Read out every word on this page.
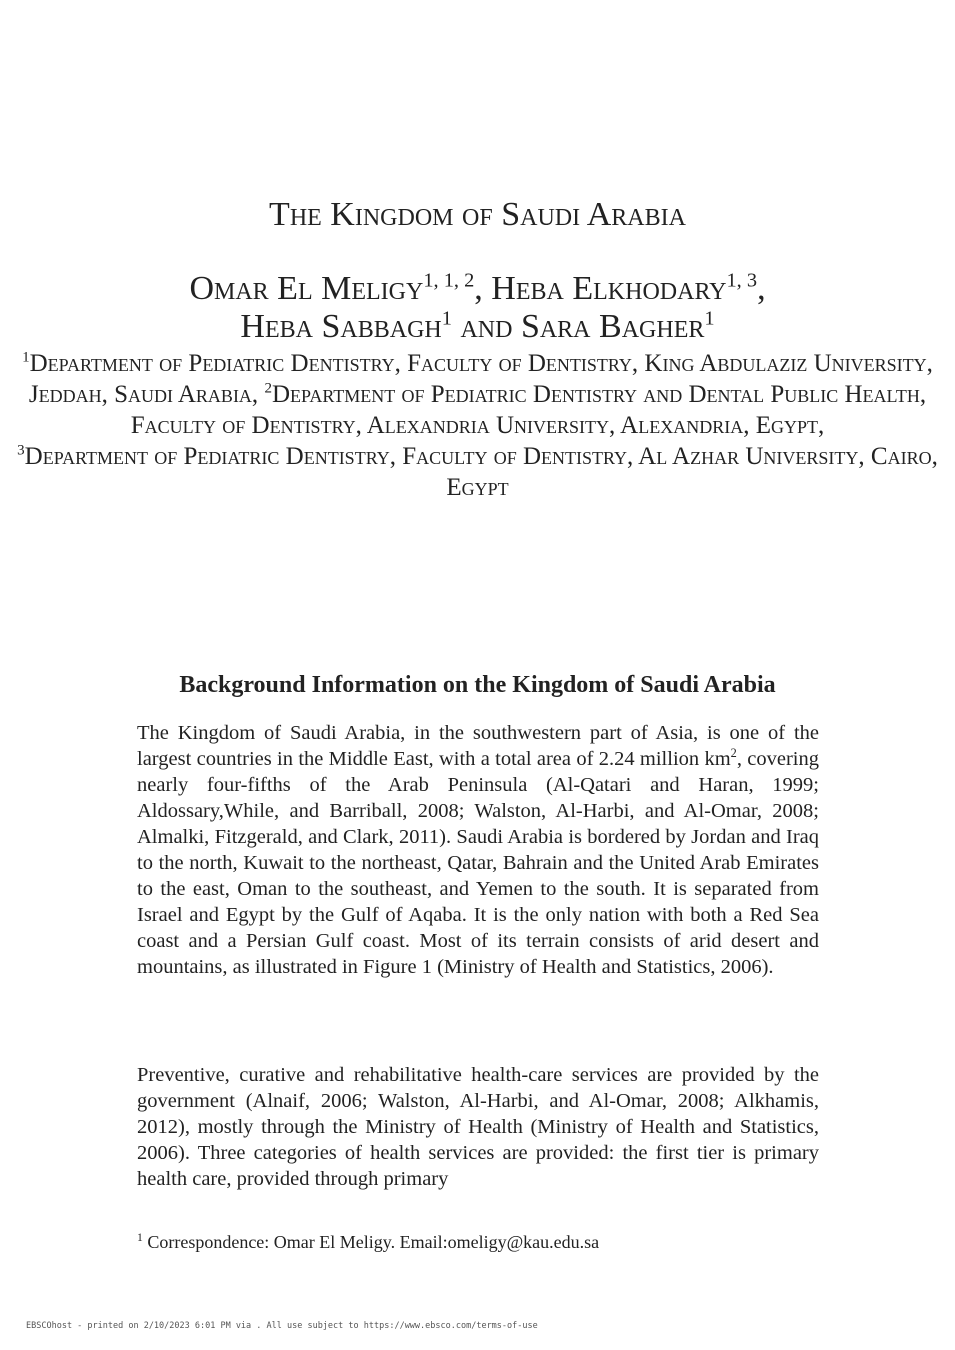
The Kingdom of Saudi Arabia
Omar El Meligy$^{1, 1, 2}$, Heba Elkhodary$^{1, 3}$,
Heba Sabbagh$^1$ and Sara Bagher$^1$
$^1$Department of Pediatric Dentistry, Faculty of Dentistry, King Abdulaziz University, Jeddah, Saudi Arabia, $^2$Department of Pediatric Dentistry and Dental Public Health, Faculty of Dentistry, Alexandria University, Alexandria, Egypt,
$^3$Department of Pediatric Dentistry, Faculty of Dentistry, Al Azhar University, Cairo, Egypt
Background Information on the Kingdom of Saudi Arabia

The Kingdom of Saudi Arabia, in the southwestern part of Asia, is one of the largest countries in the Middle East, with a total area of 2.24 million $km^2$, covering nearly four-fifths of the Arab Peninsula (Al-Qatari and Haran, 1999; Aldossary,While, and Barriball, 2008; Walston, Al-Harbi, and Al-Omar, 2008; Almalki, Fitzgerald, and Clark, 2011). Saudi Arabia is bordered by Jordan and Iraq to the north, Kuwait to the northeast, Qatar, Bahrain and the United Arab Emirates to the east, Oman to the southeast, and Yemen to the south. It is separated from Israel and Egypt by the Gulf of Aqaba. It is the only nation with both a Red Sea coast and a Persian Gulf coast. Most of its terrain consists of arid desert and mountains, as illustrated in Figure 1 (Ministry of Health and Statistics, 2006).

Preventive, curative and rehabilitative health-care services are provided by the government (Alnaif, 2006; Walston, Al-Harbi, and Al-Omar, 2008; Alkhamis, 2012), mostly through the Ministry of Health (Ministry of Health and Statistics, 2006). Three categories of health services are provided: the first tier is primary health care, provided through primary

$^1$ Correspondence: Omar El Meligy. Email:omeligy@kau.edu.sa
EBSCOhost - printed on 2/10/2023 6:01 PM via . All use subject to https://www.ebsco.com/terms-of-use
